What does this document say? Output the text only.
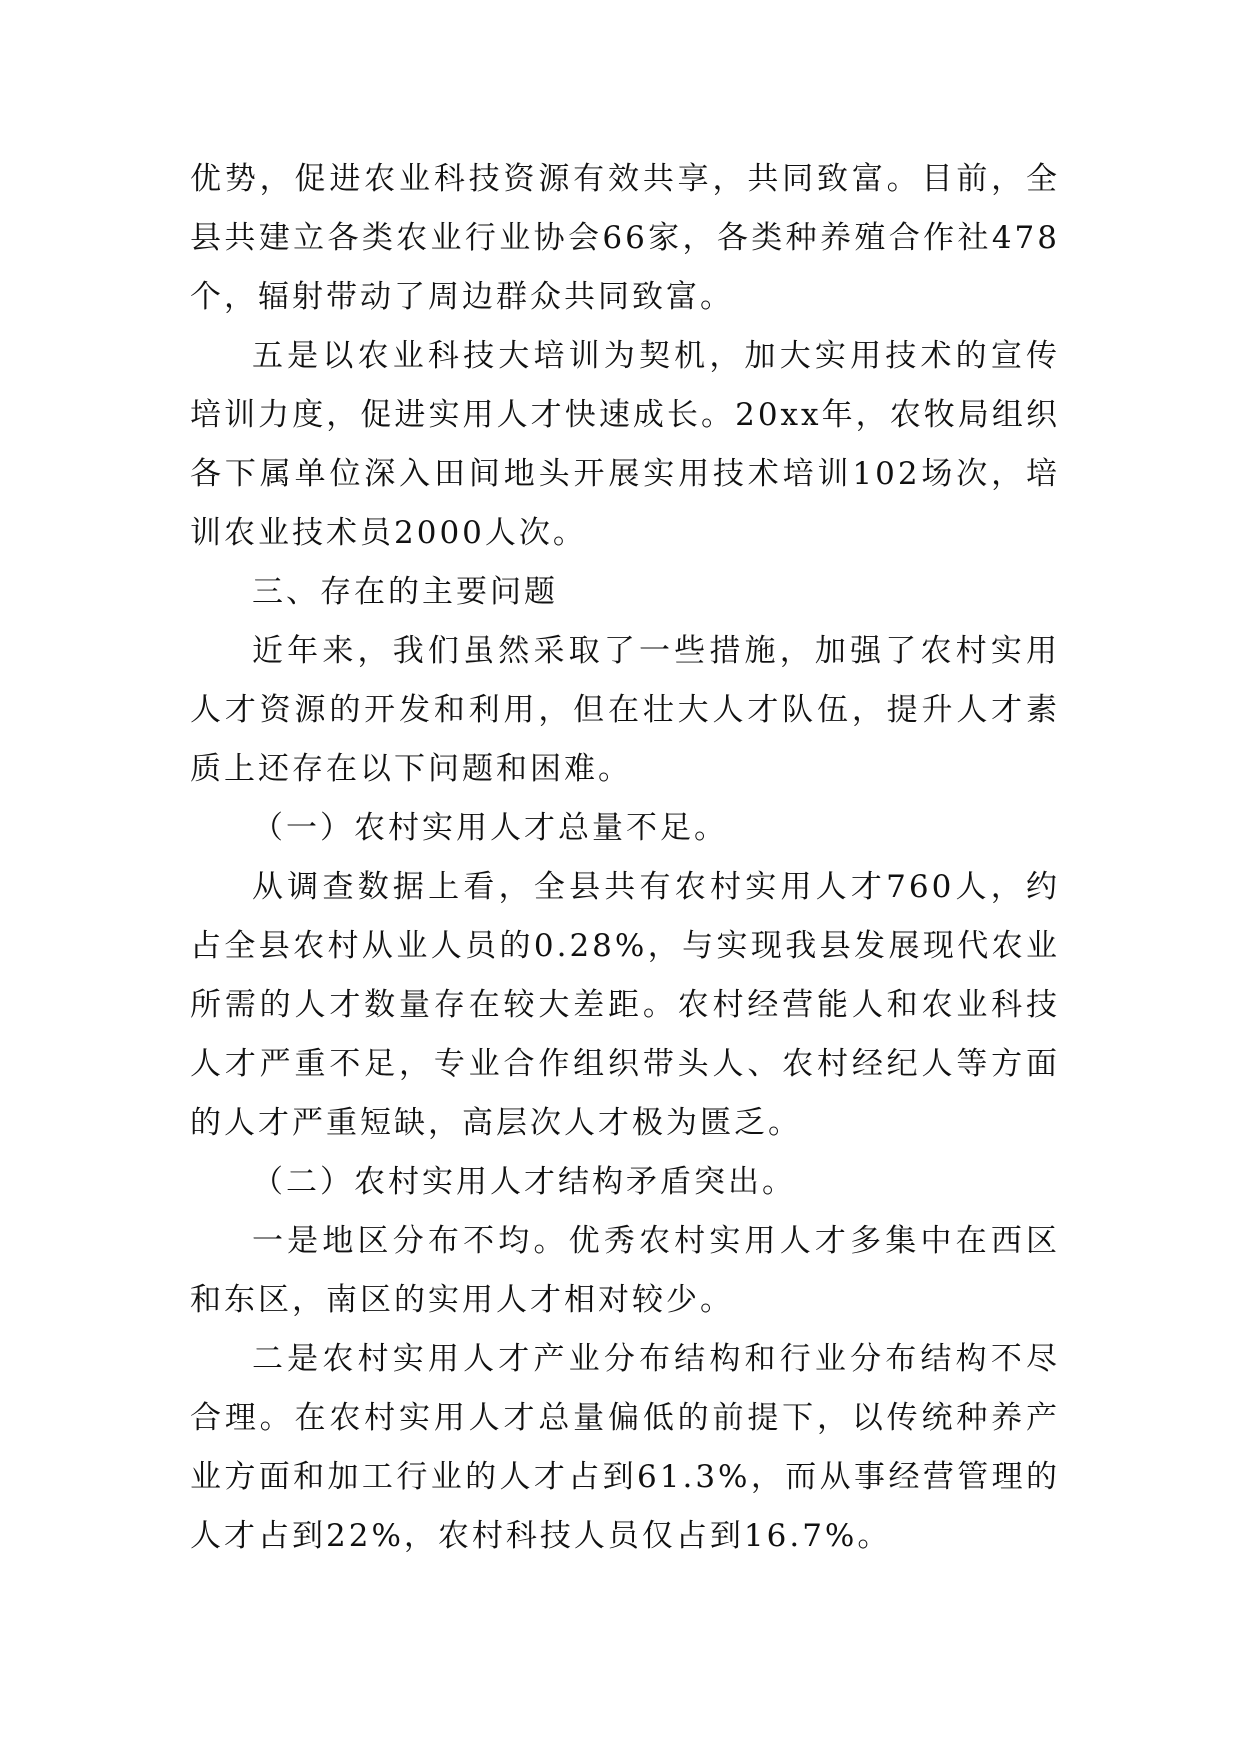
优势，促进农业科技资源有效共享，共同致富。目前，全县共建立各类农业行业协会66家，各类种养殖合作社478个，辐射带动了周边群众共同致富。

五是以农业科技大培训为契机，加大实用技术的宣传培训力度，促进实用人才快速成长。20xx年，农牧局组织各下属单位深入田间地头开展实用技术培训102场次，培训农业技术员2000人次。

三、存在的主要问题

近年来，我们虽然采取了一些措施，加强了农村实用人才资源的开发和利用，但在壮大人才队伍，提升人才素质上还存在以下问题和困难。

（一）农村实用人才总量不足。

从调查数据上看，全县共有农村实用人才760人，约占全县农村从业人员的0.28%，与实现我县发展现代农业所需的人才数量存在较大差距。农村经营能人和农业科技人才严重不足，专业合作组织带头人、农村经纪人等方面的人才严重短缺，高层次人才极为匮乏。

（二）农村实用人才结构矛盾突出。

一是地区分布不均。优秀农村实用人才多集中在西区和东区，南区的实用人才相对较少。

二是农村实用人才产业分布结构和行业分布结构不尽合理。在农村实用人才总量偏低的前提下，以传统种养产业方面和加工行业的人才占到61.3%，而从事经营管理的人才占到22%，农村科技人员仅占到16.7%。
